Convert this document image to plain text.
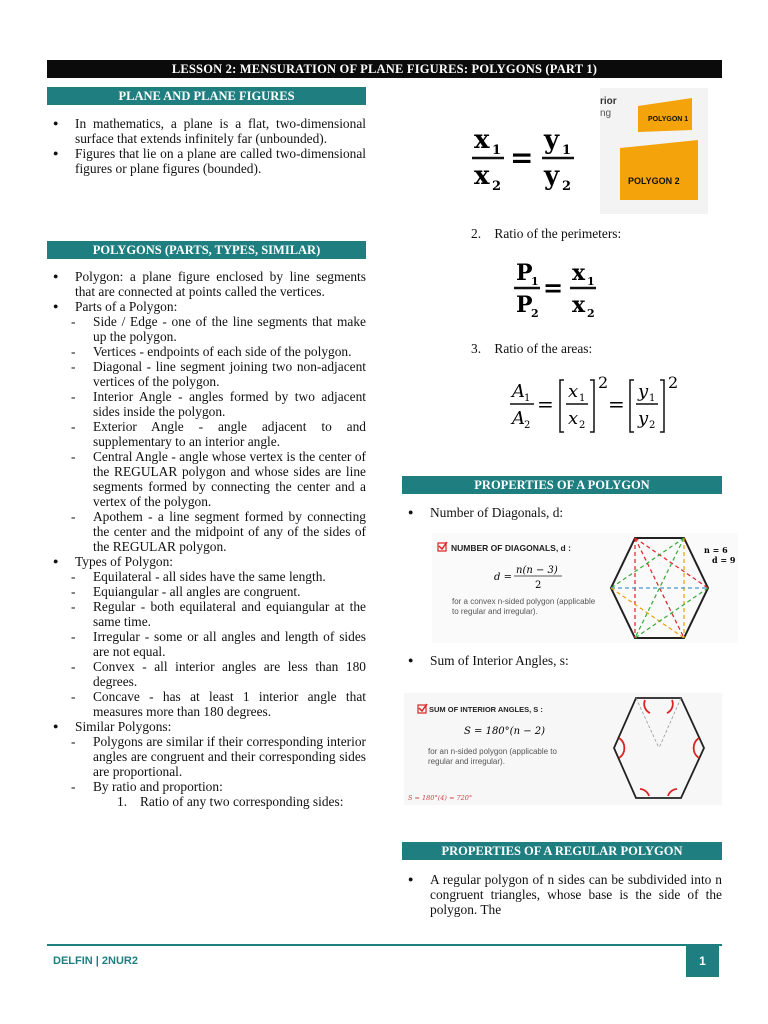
LESSON 2: MENSURATION OF PLANE FIGURES: POLYGONS (PART 1)
PLANE AND PLANE FIGURES
● In mathematics, a plane is a flat, two-dimensional surface that extends infinitely far (unbounded).
● Figures that lie on a plane are called two-dimensional figures or plane figures (bounded).
POLYGONS (PARTS, TYPES, SIMILAR)
● Polygon: a plane figure enclosed by line segments that are connected at points called the vertices.
● Parts of a Polygon:
- Side / Edge - one of the line segments that make up the polygon.
- Vertices - endpoints of each side of the polygon.
- Diagonal - line segment joining two non-adjacent vertices of the polygon.
- Interior Angle - angles formed by two adjacent sides inside the polygon.
- Exterior Angle - angle adjacent to and supplementary to an interior angle.
- Central Angle - angle whose vertex is the center of the REGULAR polygon and whose sides are line segments formed by connecting the center and a vertex of the polygon.
- Apothem - a line segment formed by connecting the center and the midpoint of any of the sides of the REGULAR polygon.
● Types of Polygon:
- Equilateral - all sides have the same length.
- Equiangular - all angles are congruent.
- Regular - both equilateral and equiangular at the same time.
- Irregular - some or all angles and length of sides are not equal.
- Convex - all interior angles are less than 180 degrees.
- Concave - has at least 1 interior angle that measures more than 180 degrees.
● Similar Polygons:
- Polygons are similar if their corresponding interior angles are congruent and their corresponding sides are proportional.
- By ratio and proportion:
1. Ratio of any two corresponding sides:
x 1
x 2
=
y 1
y 2
rior
ng
POLYGON 1
POLYGON 2
2. Ratio of the perimeters:
P
1
P
2
= x 1
x 2
3. Ratio of the areas:
A 1
A 2
=
x 1
x 2
2
=
y 1
y 2
2
PROPERTIES OF A POLYGON
● Number of Diagonals, d:
NUMBER OF DIAGONALS, d :
d =
n(n − 3)
2
for a convex n-sided polygon (applicable to regular and irregular).
n = 6
d = 9
● Sum of Interior Angles, s:
SUM OF INTERIOR ANGLES, S :
S = 180°(n − 2)
for an n-sided polygon (applicable to regular and irregular).
S = 180°(4) = 720°
PROPERTIES OF A REGULAR POLYGON
● A regular polygon of n sides can be subdivided into n congruent triangles, whose base is the side of the polygon. The
DELFIN | 2NUR2	1
